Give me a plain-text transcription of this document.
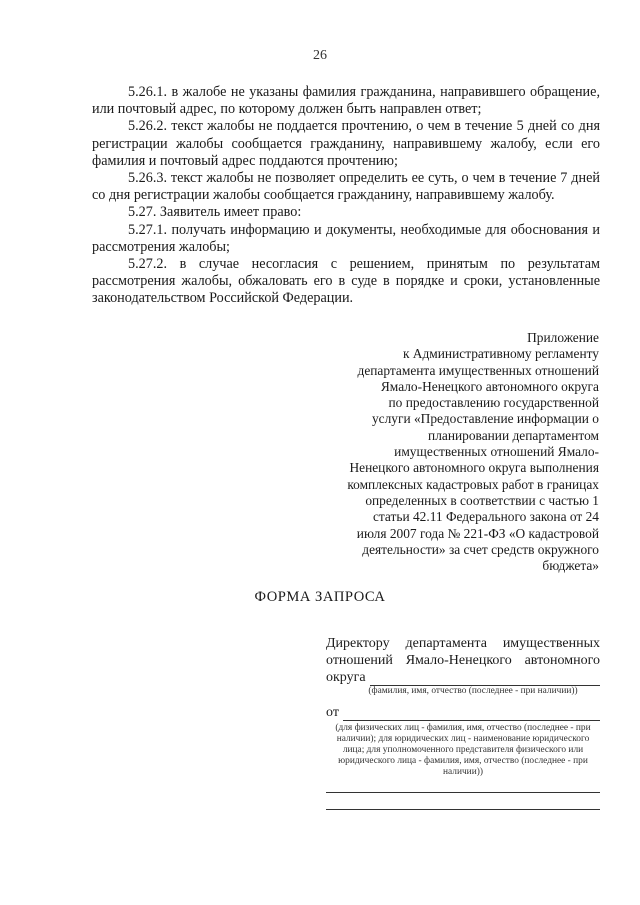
26

5.26.1. в жалобе не указаны фамилия гражданина, направившего обращение, или почтовый адрес, по которому должен быть направлен ответ;

5.26.2. текст жалобы не поддается прочтению, о чем в течение 5 дней со дня регистрации жалобы сообщается гражданину, направившему жалобу, если его фамилия и почтовый адрес поддаются прочтению;

5.26.3. текст жалобы не позволяет определить ее суть, о чем в течение 7 дней со дня регистрации жалобы сообщается гражданину, направившему жалобу.

5.27. Заявитель имеет право:

5.27.1. получать информацию и документы, необходимые для обоснования и рассмотрения жалобы;

5.27.2. в случае несогласия с решением, принятым по результатам рассмотрения жалобы, обжаловать его в суде в порядке и сроки, установленные законодательством Российской Федерации.

Приложение
к Административному регламенту
департамента имущественных отношений
Ямало-Ненецкого автономного округа
по предоставлению государственной
услуги «Предоставление информации о
планировании департаментом
имущественных отношений Ямало-
Ненецкого автономного округа выполнения
комплексных кадастровых работ в границах
определенных в соответствии с частью 1
статьи 42.11 Федерального закона от 24
июля 2007 года № 221-ФЗ «О кадастровой
деятельности» за счет средств окружного
бюджета»
ФОРМА ЗАПРОСА
Директору департамента имущественных
отношений Ямало-Ненецкого автономного
округа
(фамилия, имя, отчество (последнее - при наличии))
от
(для физических лиц - фамилия, имя, отчество (последнее - при наличии); для юридических лиц - наименование юридического лица; для уполномоченного представителя физического или юридического лица - фамилия, имя, отчество (последнее - при наличии))
